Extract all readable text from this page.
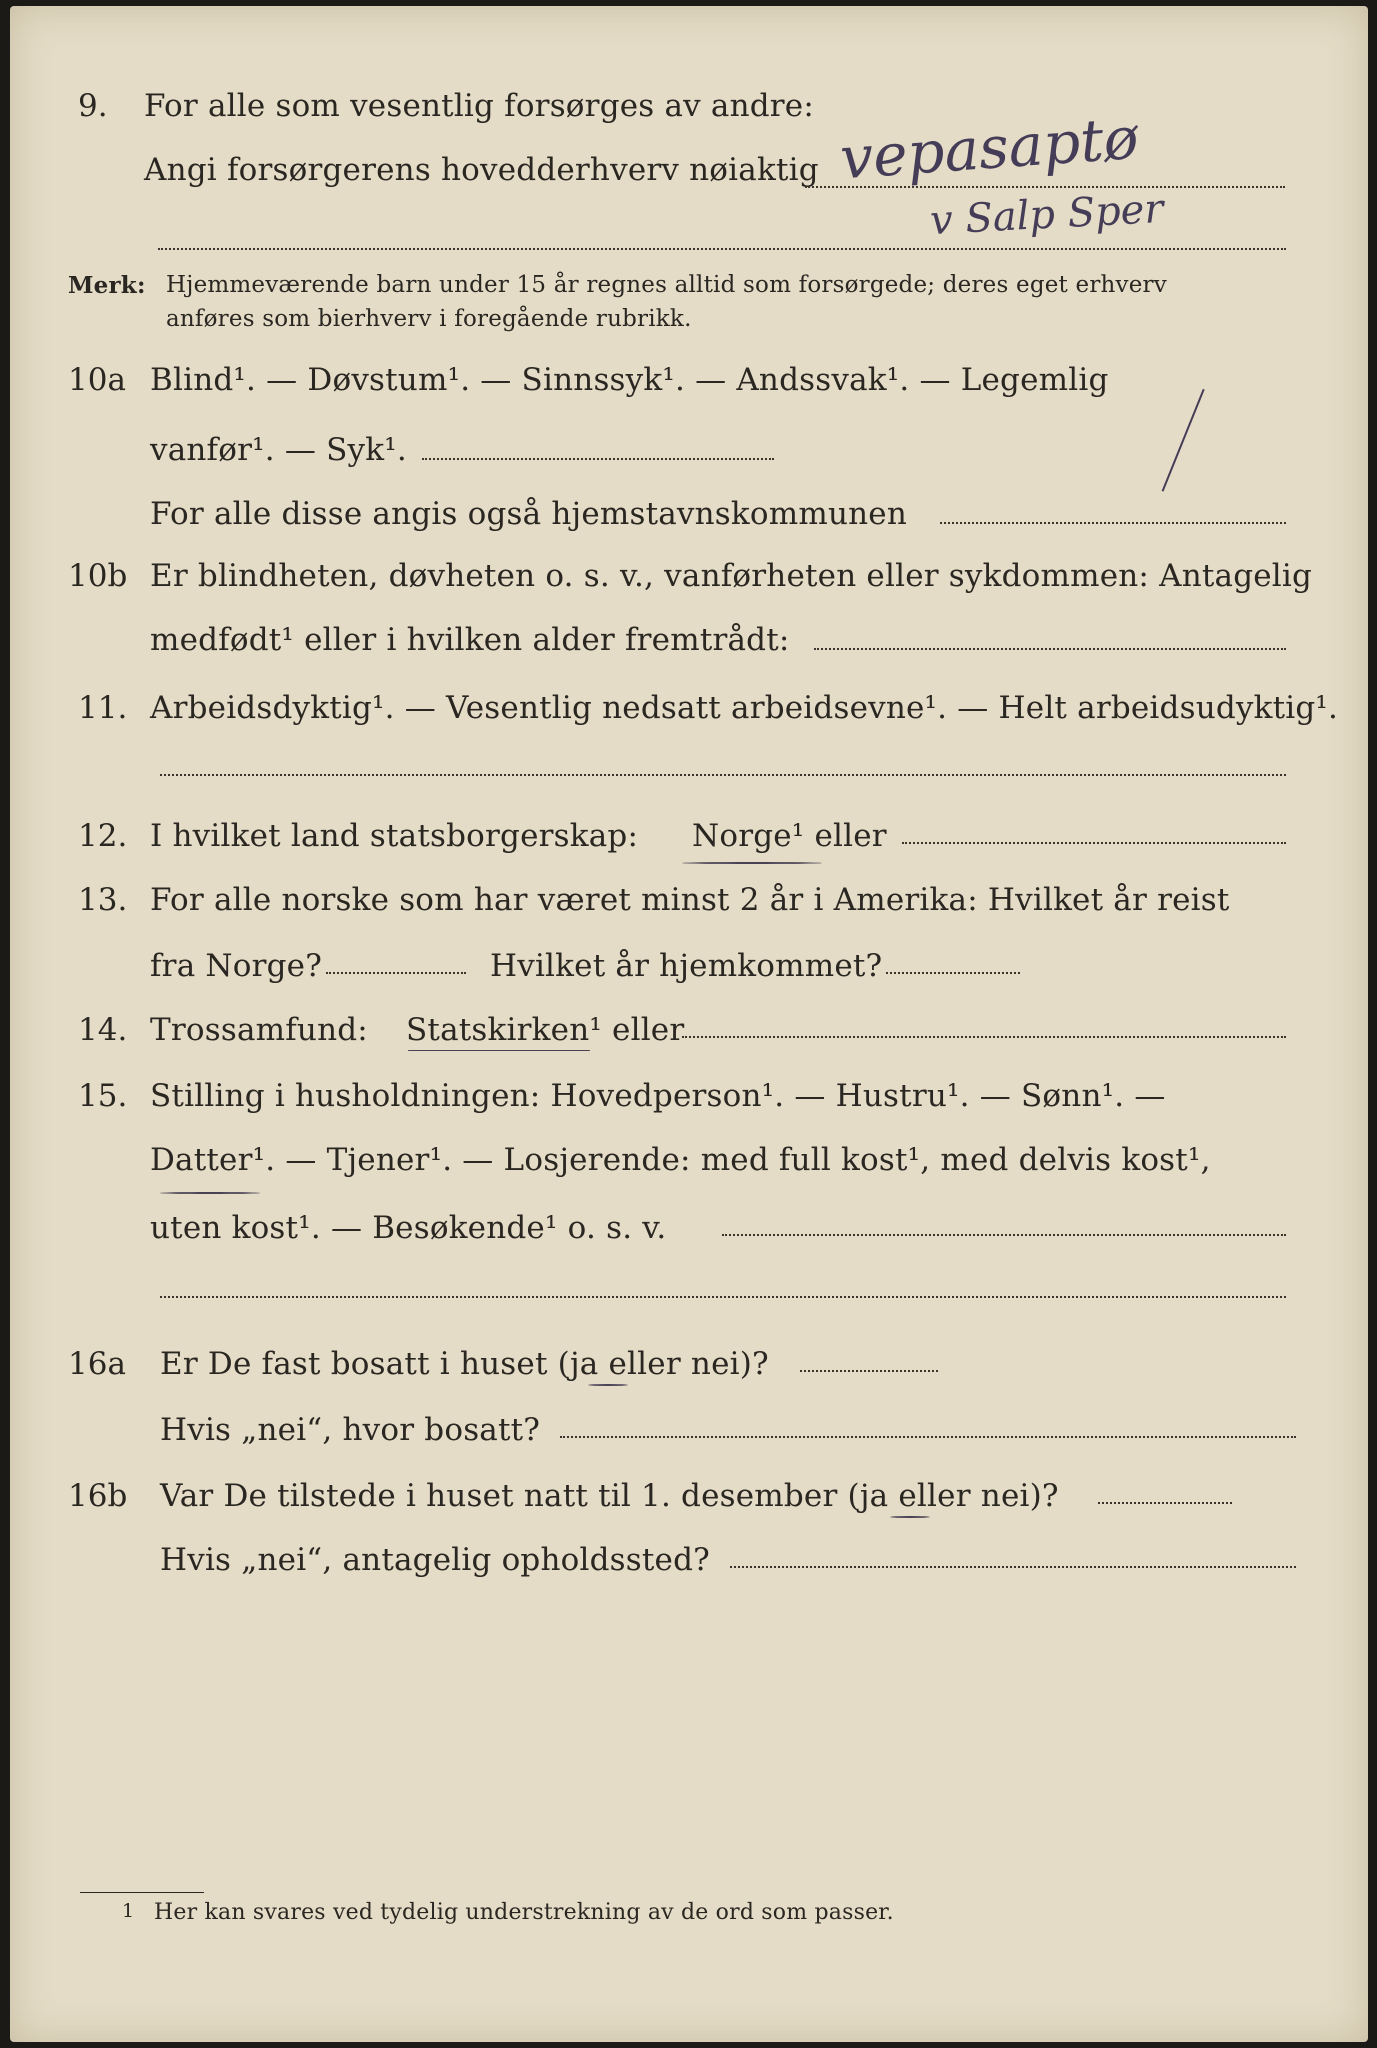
9. For alle som vesentlig forsørges av andre:
Angi forsørgerens hovedderhverv nøiaktig vepasaptø
v Salp Sper
Merk: Hjemmeværende barn under 15 år regnes alltid som forsørgede; deres eget erhverv
anføres som bierhverv i foregående rubrikk.
10a Blind¹. — Døvstum¹. — Sinnssyk¹. — Andssvak¹. — Legemlig
vanfør¹. — Syk¹.
For alle disse angis også hjemstavnskommunen
10b Er blindheten, døvheten o. s. v., vanførheten eller sykdommen: Antagelig
medfødt¹ eller i hvilken alder fremtrådt:
11. Arbeidsdyktig¹. — Vesentlig nedsatt arbeidsevne¹. — Helt arbeidsudyktig¹.
12. I hvilket land statsborgerskap: Norge¹ eller
13. For alle norske som har været minst 2 år i Amerika: Hvilket år reist
fra Norge?	Hvilket år hjemkommet?
14. Trossamfund: Statskirken¹ eller
15. Stilling i husholdningen: Hovedperson¹. — Hustru¹. — Sønn¹. —
Datter¹. — Tjener¹. — Losjerende: med full kost¹, med delvis kost¹,
uten kost¹. — Besøkende¹ o. s. v.
16a Er De fast bosatt i huset (ja eller nei)?
Hvis „nei“, hvor bosatt?
16b Var De tilstede i huset natt til 1. desember (ja eller nei)?
Hvis „nei“, antagelig opholdssted?
1 Her kan svares ved tydelig understrekning av de ord som passer.
